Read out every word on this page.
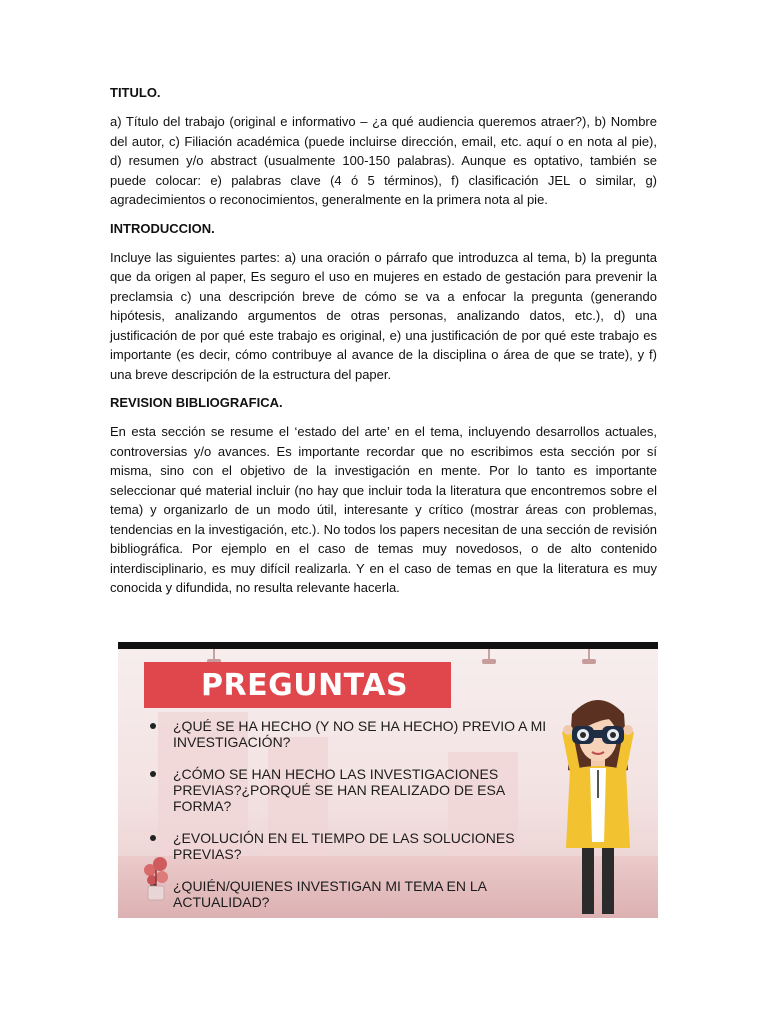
TITULO.

a) Título del trabajo (original e informativo – ¿a qué audiencia queremos atraer?), b) Nombre del autor, c) Filiación académica (puede incluirse dirección, email, etc. aquí o en nota al pie), d) resumen y/o abstract (usualmente 100-150 palabras). Aunque es optativo, también se puede colocar: e) palabras clave (4 ó 5 términos), f) clasificación JEL o similar, g) agradecimientos o reconocimientos, generalmente en la primera nota al pie.

INTRODUCCION.

Incluye las siguientes partes: a) una oración o párrafo que introduzca al tema, b) la pregunta que da origen al paper, Es seguro el uso en mujeres en estado de gestación para prevenir la preclamsia c) una descripción breve de cómo se va a enfocar la pregunta (generando hipótesis, analizando argumentos de otras personas, analizando datos, etc.), d) una justificación de por qué este trabajo es original, e) una justificación de por qué este trabajo es importante (es decir, cómo contribuye al avance de la disciplina o área de que se trate), y f) una breve descripción de la estructura del paper.

REVISION BIBLIOGRAFICA.

En esta sección se resume el ‘estado del arte’ en el tema, incluyendo desarrollos actuales, controversias y/o avances. Es importante recordar que no escribimos esta sección por sí misma, sino con el objetivo de la investigación en mente. Por lo tanto es importante seleccionar qué material incluir (no hay que incluir toda la literatura que encontremos sobre el tema) y organizarlo de un modo útil, interesante y crítico (mostrar áreas con problemas, tendencias en la investigación, etc.). No todos los papers necesitan de una sección de revisión bibliográfica. Por ejemplo en el caso de temas muy novedosos, o de alto contenido interdisciplinario, es muy difícil realizarla. Y en el caso de temas en que la literatura es muy conocida y difundida, no resulta relevante hacerla.

PREGUNTAS
¿QUÉ SE HA HECHO (Y NO SE HA HECHO) PREVIO A MI INVESTIGACIÓN?
¿CÓMO SE HAN HECHO LAS INVESTIGACIONES PREVIAS?¿PORQUÉ SE HAN REALIZADO DE ESA FORMA?
¿EVOLUCIÓN EN EL TIEMPO DE LAS SOLUCIONES PREVIAS?
¿QUIÉN/QUIENES INVESTIGAN MI TEMA EN LA ACTUALIDAD?
